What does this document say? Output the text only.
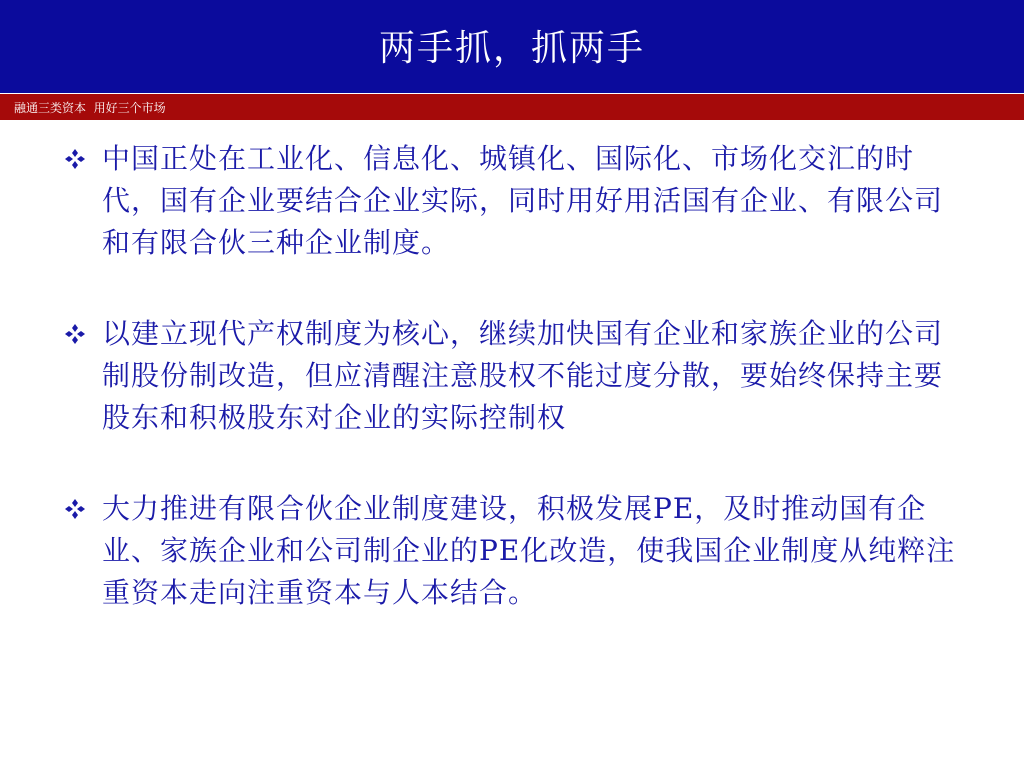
两手抓，抓两手
融通三类资本  用好三个市场
中国正处在工业化、信息化、城镇化、国际化、市场化交汇的时代，国有企业要结合企业实际，同时用好用活国有企业、有限公司和有限合伙三种企业制度。
以建立现代产权制度为核心，继续加快国有企业和家族企业的公司制股份制改造，但应清醒注意股权不能过度分散，要始终保持主要股东和积极股东对企业的实际控制权
大力推进有限合伙企业制度建设，积极发展PE，及时推动国有企业、家族企业和公司制企业的PE化改造，使我国企业制度从纯粹注重资本走向注重资本与人本结合。
